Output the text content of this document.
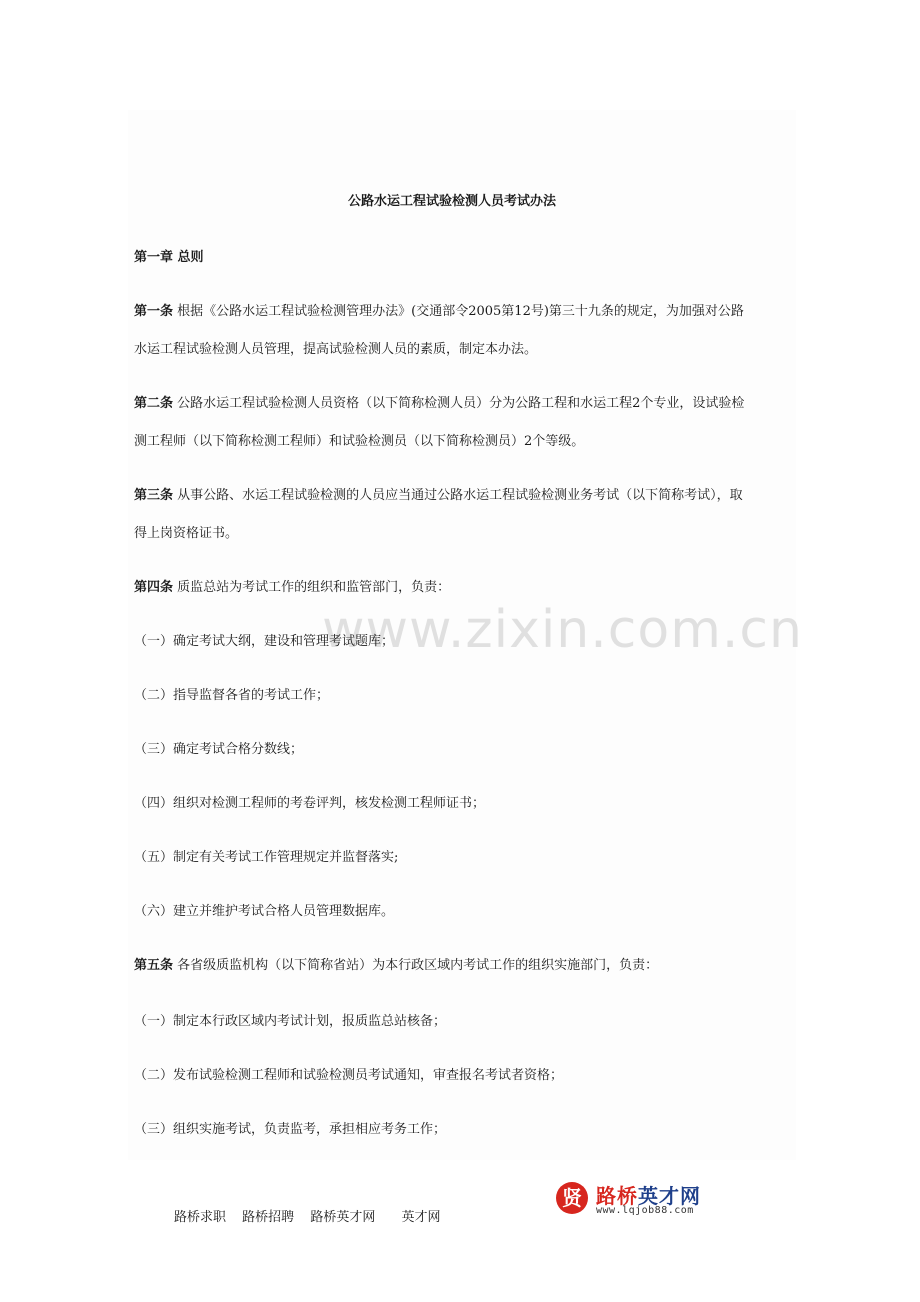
www.zixin.com.cn
公路水运工程试验检测人员考试办法
第一章 总则
第一条 根据《公路水运工程试验检测管理办法》(交通部令2005第12号)第三十九条的规定，为加强对公路
水运工程试验检测人员管理，提高试验检测人员的素质，制定本办法。
第二条 公路水运工程试验检测人员资格（以下简称检测人员）分为公路工程和水运工程2个专业，设试验检
测工程师（以下简称检测工程师）和试验检测员（以下简称检测员）2个等级。
第三条 从事公路、水运工程试验检测的人员应当通过公路水运工程试验检测业务考试（以下简称考试），取
得上岗资格证书。
第四条 质监总站为考试工作的组织和监管部门，负责：
（一）确定考试大纲，建设和管理考试题库；
（二）指导监督各省的考试工作；
（三）确定考试合格分数线；
（四）组织对检测工程师的考卷评判，核发检测工程师证书；
（五）制定有关考试工作管理规定并监督落实;
（六）建立并维护考试合格人员管理数据库。
第五条 各省级质监机构（以下简称省站）为本行政区域内考试工作的组织实施部门，负责：
（一）制定本行政区域内考试计划，报质监总站核备；
（二）发布试验检测工程师和试验检测员考试通知，审查报名考试者资格；
（三）组织实施考试，负责监考，承担相应考务工作；
路桥求职 路桥招聘 路桥英才网 英才网
贤 路桥英才网
www.lqjob88.com
